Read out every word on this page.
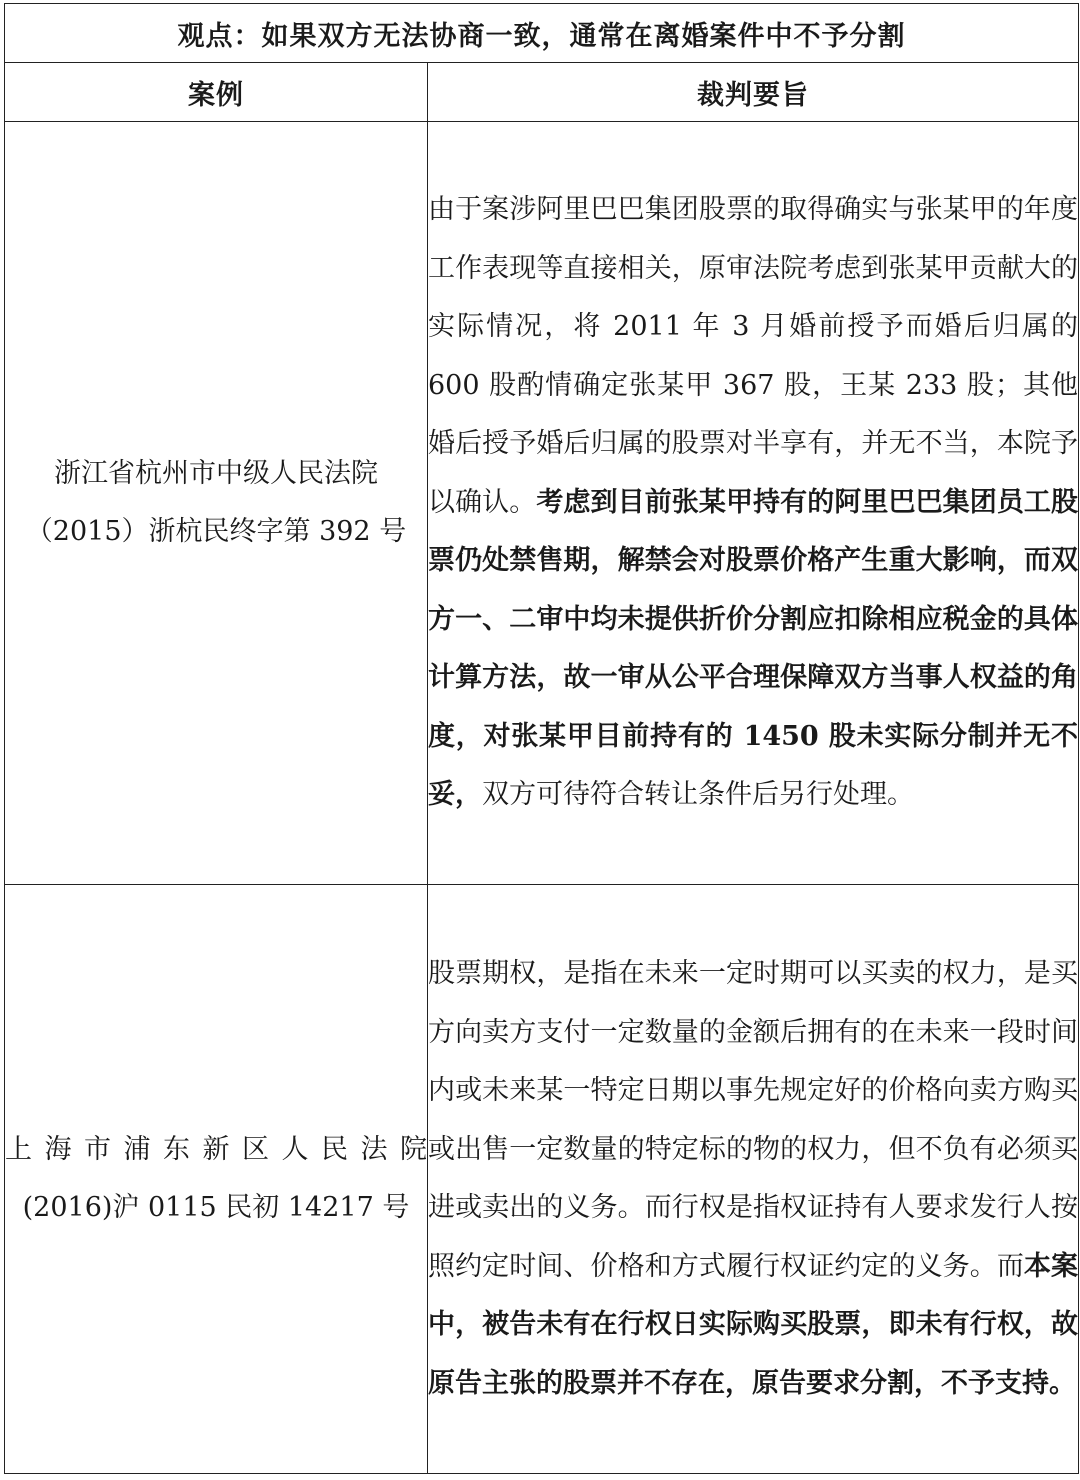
观点：如果双方无法协商一致，通常在离婚案件中不予分割	
案例	裁判要旨

浙江省杭州市中级人民法院
（2015）浙杭民终字第 392 号	由于案涉阿里巴巴集团股票的取得确实与张某甲的年度工作表现等直接相关，原审法院考虑到张某甲贡献大的实际情况，将 2011 年 3 月婚前授予而婚后归属的 600 股酌情确定张某甲 367 股，王某 233 股；其他婚后授予婚后归属的股票对半享有，并无不当，本院予以确认。考虑到目前张某甲持有的阿里巴巴集团员工股票仍处禁售期，解禁会对股票价格产生重大影响，而双方一、二审中均未提供折价分割应扣除相应税金的具体计算方法，故一审从公平合理保障双方当事人权益的角度，对张某甲目前持有的 1450 股未实际分制并无不妥，双方可待符合转让条件后另行处理。

上海市浦东新区人民法院
(2016)沪 0115 民初 14217 号	股票期权，是指在未来一定时期可以买卖的权力，是买方向卖方支付一定数量的金额后拥有的在未来一段时间内或未来某一特定日期以事先规定好的价格向卖方购买或出售一定数量的特定标的物的权力，但不负有必须买进或卖出的义务。而行权是指权证持有人要求发行人按照约定时间、价格和方式履行权证约定的义务。而本案中，被告未有在行权日实际购买股票，即未有行权，故原告主张的股票并不存在，原告要求分割，不予支持。
